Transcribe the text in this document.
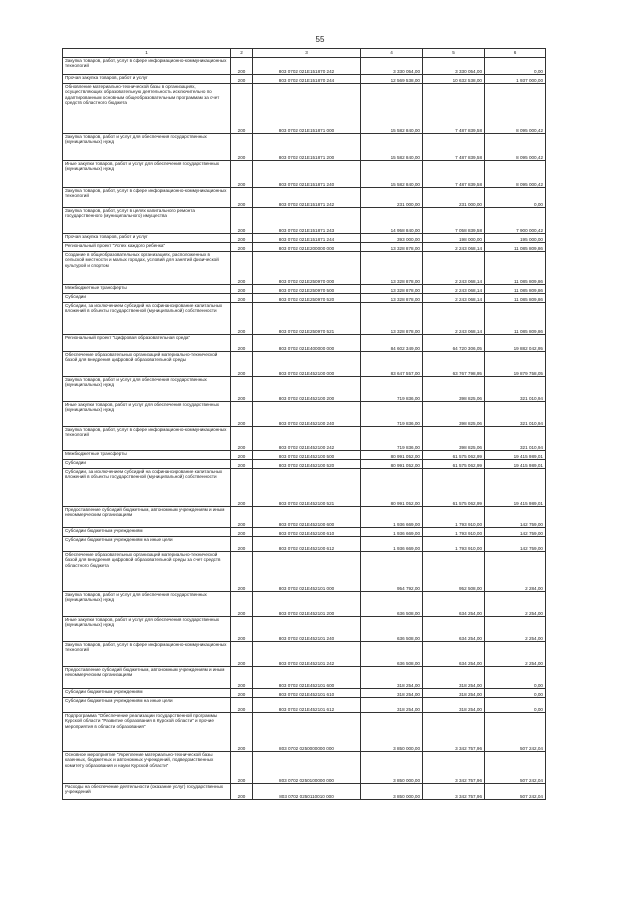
55
1	2	3	4	5	6
Закупка товаров, работ, услуг в сфере информационно-коммуникационных технологий	200	803 0702 021E151870 242	3 330 054,00	3 330 054,00	0,00
Прочая закупка товаров, работ и услуг	200	803 0702 021E151870 244	12 569 538,00	10 632 538,00	1 937 000,00
Обновление материально-технической базы в организациях, осуществляющих образовательную деятельность исключительно по адаптированным основным общеобразовательным программам за счет средств областного бюджета	200	803 0702 021E151871 000	15 582 840,00	7 487 839,58	8 095 000,42
Закупка товаров, работ и услуг для обеспечения государственных (муниципальных) нужд	200	803 0702 021E151871 200	15 582 840,00	7 487 839,58	8 095 000,42
Иные закупки товаров, работ и услуг для обеспечения государственных (муниципальных) нужд	200	803 0702 021E151871 240	15 582 840,00	7 487 839,58	8 095 000,42
Закупка товаров, работ, услуг в сфере информационно-коммуникационных технологий	200	803 0702 021E151871 242	231 000,00	231 000,00	0,00
Закупка товаров, работ, услуг в целях капитального ремонта государственного (муниципального) имущества	200	803 0702 021E151871 243	14 958 840,00	7 058 839,58	7 900 000,42
Прочая закупка товаров, работ и услуг	200	803 0702 021E151871 244	393 000,00	198 000,00	195 000,00
Региональный проект "Успех каждого ребенка"	200	803 0702 021E200000 000	13 328 878,00	2 243 068,14	11 085 809,86
Создание в общеобразовательных организациях, расположенных в сельской местности и малых городах, условий для занятий физической культурой и спортом	200	803 0702 021E250970 000	13 328 878,00	2 243 068,14	11 085 809,86
Межбюджетные трансферты	200	803 0702 021E250970 500	13 328 878,00	2 243 068,14	11 085 809,86
Субсидии	200	803 0702 021E250970 520	13 328 878,00	2 243 068,14	11 085 809,86
Субсидии, за исключением субсидий на софинансирование капитальных вложений в объекты государственной (муниципальной) собственности	200	803 0702 021E250970 521	13 328 878,00	2 243 068,14	11 085 809,86
Региональный проект "Цифровая образовательная среда"	200	803 0702 021E400000 000	84 602 349,00	64 720 306,05	19 882 042,95
Обеспечение образовательных организаций материально-технической базой для внедрения цифровой образовательной среды	200	803 0702 021E452100 000	83 647 557,00	63 767 798,95	19 879 758,05
Закупка товаров, работ и услуг для обеспечения государственных (муниципальных) нужд	200	803 0702 021E452100 200	719 836,00	398 825,06	321 010,94
Иные закупки товаров, работ и услуг для обеспечения государственных (муниципальных) нужд	200	803 0702 021E452100 240	719 836,00	398 825,06	321 010,94
Закупка товаров, работ, услуг в сфере информационно-коммуникационных технологий	200	803 0702 021E452100 242	719 836,00	398 825,06	321 010,94
Межбюджетные трансферты	200	803 0702 021E452100 500	80 991 052,00	61 575 062,99	19 415 989,01
Субсидии	200	803 0702 021E452100 520	80 991 052,00	61 575 062,99	19 415 989,01
Субсидии, за исключением субсидий на софинансирование капитальных вложений в объекты государственной (муниципальной) собственности	200	803 0702 021E452100 521	80 991 052,00	61 575 062,99	19 415 989,01
Предоставление субсидий бюджетным, автономным учреждениям и иным некоммерческим организациям	200	803 0702 021E452100 600	1 936 669,00	1 793 910,00	142 759,00
Субсидии бюджетным учреждениям	200	803 0702 021E452100 610	1 936 669,00	1 793 910,00	142 759,00
Субсидии бюджетным учреждениям на иные цели	200	803 0702 021E452100 612	1 936 669,00	1 793 910,00	142 759,00
Обеспечение образовательных организаций материально-технической базой для внедрения цифровой образовательной среды за счет средств областного бюджета	200	803 0702 021E452101 000	954 792,00	952 508,00	2 284,00
Закупка товаров, работ и услуг для обеспечения государственных (муниципальных) нужд	200	803 0702 021E452101 200	636 508,00	634 254,00	2 254,00
Иные закупки товаров, работ и услуг для обеспечения государственных (муниципальных) нужд	200	803 0702 021E452101 240	636 508,00	634 254,00	2 254,00
Закупка товаров, работ, услуг в сфере информационно-коммуникационных технологий	200	803 0702 021E452101 242	636 508,00	634 254,00	2 254,00
Предоставление субсидий бюджетным, автономным учреждениям и иным некоммерческим организациям	200	803 0702 021E452101 600	318 254,00	318 254,00	0,00
Субсидии бюджетным учреждениям	200	803 0702 021E452101 610	318 254,00	318 254,00	0,00
Субсидии бюджетным учреждениям на иные цели	200	803 0702 021E452101 612	318 254,00	318 254,00	0,00
Подпрограмма "Обеспечение реализации государственной программы Курской области "Развитие образования в Курской области" и прочие мероприятия в области образования"	200	803 0702 0250000000 000	3 850 000,00	3 342 757,96	507 242,04
Основное мероприятие "Укрепление материально-технической базы казенных, бюджетных и автономных учреждений, подведомственных комитету образования и науки Курской области"	200	803 0702 0250100000 000	3 850 000,00	3 342 757,96	507 242,04
Расходы на обеспечение деятельности (оказание услуг) государственных учреждений	200	803 0702 0250110010 000	3 850 000,00	3 342 757,96	507 242,04
